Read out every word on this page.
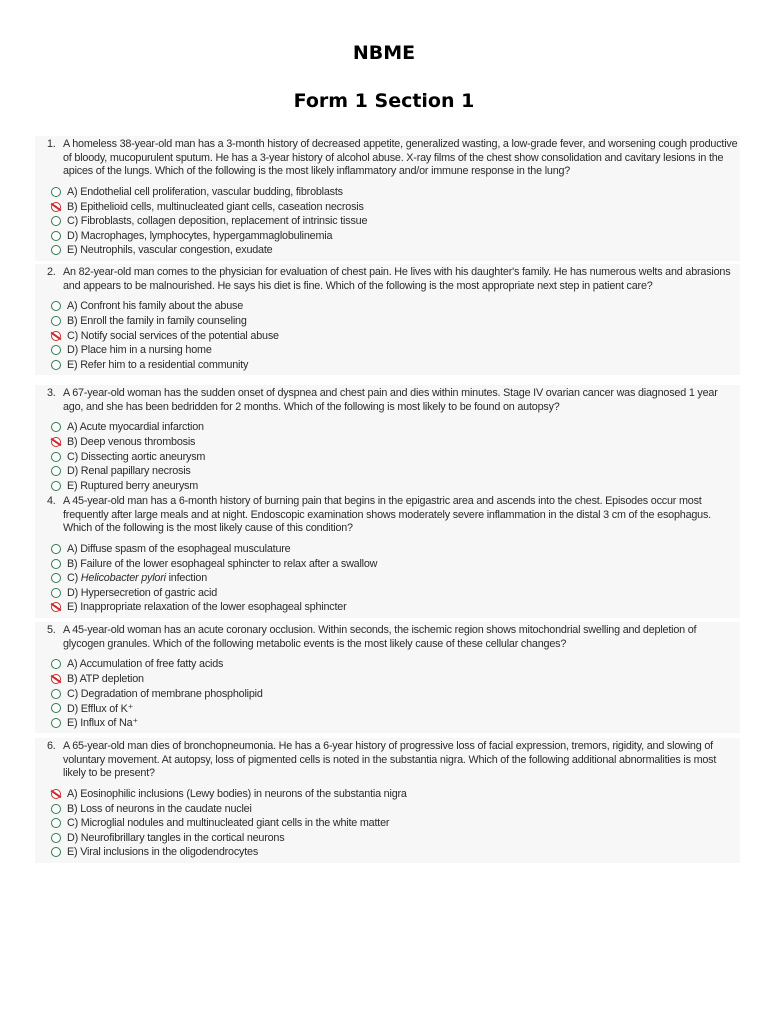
NBME
Form 1 Section 1
1. A homeless 38-year-old man has a 3-month history of decreased appetite, generalized wasting, a low-grade fever, and worsening cough productive of bloody, mucopurulent sputum. He has a 3-year history of alcohol abuse. X-ray films of the chest show consolidation and cavitary lesions in the apices of the lungs. Which of the following is the most likely inflammatory and/or immune response in the lung?
A) Endothelial cell proliferation, vascular budding, fibroblasts
B) Epithelioid cells, multinucleated giant cells, caseation necrosis
C) Fibroblasts, collagen deposition, replacement of intrinsic tissue
D) Macrophages, lymphocytes, hypergammaglobulinemia
E) Neutrophils, vascular congestion, exudate
2. An 82-year-old man comes to the physician for evaluation of chest pain. He lives with his daughter's family. He has numerous welts and abrasions and appears to be malnourished. He says his diet is fine. Which of the following is the most appropriate next step in patient care?
A) Confront his family about the abuse
B) Enroll the family in family counseling
C) Notify social services of the potential abuse
D) Place him in a nursing home
E) Refer him to a residential community
3. A 67-year-old woman has the sudden onset of dyspnea and chest pain and dies within minutes. Stage IV ovarian cancer was diagnosed 1 year ago, and she has been bedridden for 2 months. Which of the following is most likely to be found on autopsy?
A) Acute myocardial infarction
B) Deep venous thrombosis
C) Dissecting aortic aneurysm
D) Renal papillary necrosis
E) Ruptured berry aneurysm
4. A 45-year-old man has a 6-month history of burning pain that begins in the epigastric area and ascends into the chest. Episodes occur most frequently after large meals and at night. Endoscopic examination shows moderately severe inflammation in the distal 3 cm of the esophagus. Which of the following is the most likely cause of this condition?
A) Diffuse spasm of the esophageal musculature
B) Failure of the lower esophageal sphincter to relax after a swallow
C) Helicobacter pylori infection
D) Hypersecretion of gastric acid
E) Inappropriate relaxation of the lower esophageal sphincter
5. A 45-year-old woman has an acute coronary occlusion. Within seconds, the ischemic region shows mitochondrial swelling and depletion of glycogen granules. Which of the following metabolic events is the most likely cause of these cellular changes?
A) Accumulation of free fatty acids
B) ATP depletion
C) Degradation of membrane phospholipid
D) Efflux of K⁺
E) Influx of Na⁺
6. A 65-year-old man dies of bronchopneumonia. He has a 6-year history of progressive loss of facial expression, tremors, rigidity, and slowing of voluntary movement. At autopsy, loss of pigmented cells is noted in the substantia nigra. Which of the following additional abnormalities is most likely to be present?
A) Eosinophilic inclusions (Lewy bodies) in neurons of the substantia nigra
B) Loss of neurons in the caudate nuclei
C) Microglial nodules and multinucleated giant cells in the white matter
D) Neurofibrillary tangles in the cortical neurons
E) Viral inclusions in the oligodendrocytes
